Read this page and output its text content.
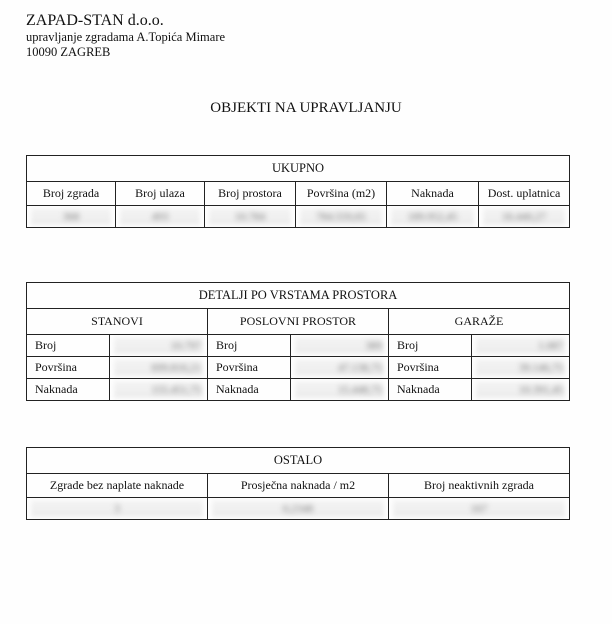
ZAPAD-STAN d.o.o.
upravljanje zgradama A.Topića Mimare
10090 ZAGREB
OBJEKTI NA UPRAVLJANJU
UKUPNO					
Broj zgrada	Broj ulaza	Broj prostora	Površina (m2)	Naknada	Dost. uplatnica

368	493	10.784	784.559,65	189.952,45	16.440,27
DETALJI PO VRSTAMA PROSTORA					
STANOVI		POSLOVNI PROSTOR		GARAŽE	
Broj	10.797	Broj	389	Broj	1.087
Površina	699.816,21	Površina	47.138,75	Površina	39.146,75
Naknada	155.451,75	Naknada	15.448,75	Naknada	10.391,45
OSTALO		
Zgrade bez naplate naknade	Prosječna naknada / m2	Broj neaktivnih zgrada

3	0,2348	167
